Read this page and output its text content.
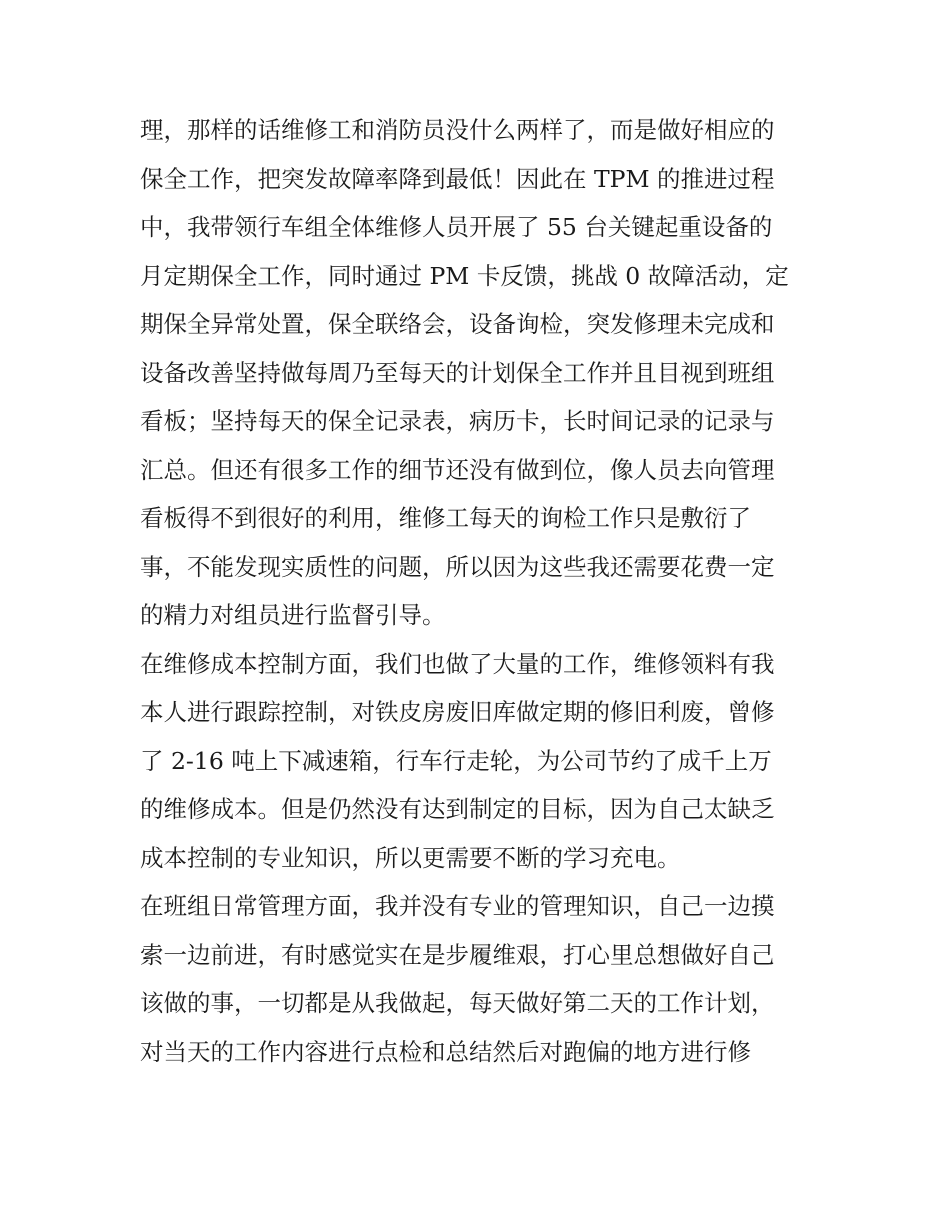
理，那样的话维修工和消防员没什么两样了，而是做好相应的
保全工作，把突发故障率降到最低！因此在 TPM 的推进过程
中，我带领行车组全体维修人员开展了 55 台关键起重设备的
月定期保全工作，同时通过 PM 卡反馈，挑战 0 故障活动，定
期保全异常处置，保全联络会，设备询检，突发修理未完成和
设备改善坚持做每周乃至每天的计划保全工作并且目视到班组
看板；坚持每天的保全记录表，病历卡，长时间记录的记录与
汇总。但还有很多工作的细节还没有做到位，像人员去向管理
看板得不到很好的利用，维修工每天的询检工作只是敷衍了
事，不能发现实质性的问题，所以因为这些我还需要花费一定
的精力对组员进行监督引导。
在维修成本控制方面，我们也做了大量的工作，维修领料有我
本人进行跟踪控制，对铁皮房废旧库做定期的修旧利废，曾修
了 2-16 吨上下减速箱，行车行走轮，为公司节约了成千上万
的维修成本。但是仍然没有达到制定的目标，因为自己太缺乏
成本控制的专业知识，所以更需要不断的学习充电。
在班组日常管理方面，我并没有专业的管理知识，自己一边摸
索一边前进，有时感觉实在是步履维艰，打心里总想做好自己
该做的事，一切都是从我做起，每天做好第二天的工作计划，
对当天的工作内容进行点检和总结然后对跑偏的地方进行修
